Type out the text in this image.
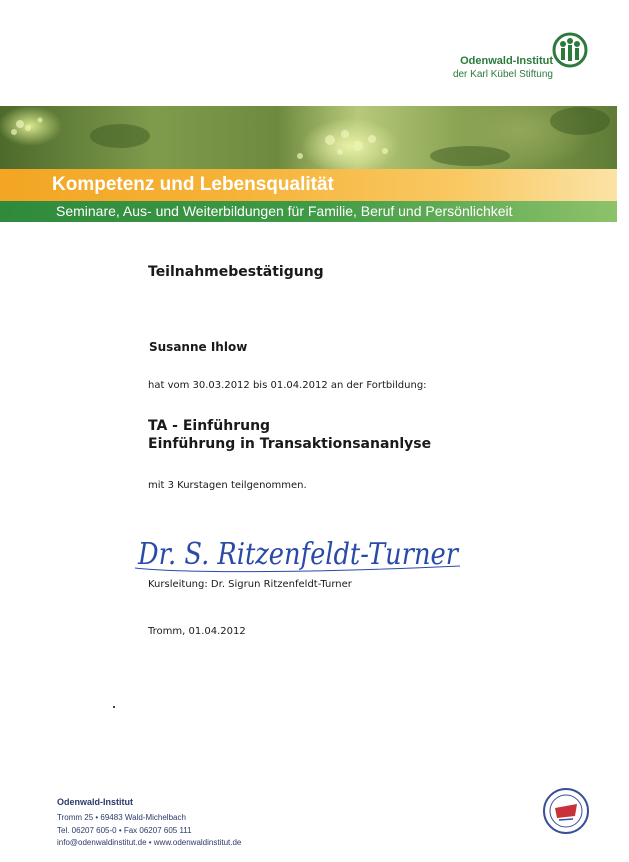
Odenwald-Institut
der Karl Kübel Stiftung
Kompetenz und Lebensqualität
Seminare, Aus- und Weiterbildungen für Familie, Beruf und Persönlichkeit
Teilnahmebestätigung
Susanne Ihlow
hat vom 30.03.2012 bis 01.04.2012 an der Fortbildung:
TA - Einführung
Einführung in Transaktionsananlyse
mit 3 Kurstagen teilgenommen.
Dr. S. Ritzenfeldt-Turner
Kursleitung: Dr. Sigrun Ritzenfeldt-Turner
Tromm, 01.04.2012
Odenwald-Institut
Tromm 25 • 69483 Wald-Michelbach
Tel. 06207 605-0 • Fax 06207 605 111
info@odenwaldinstitut.de • www.odenwaldinstitut.de
